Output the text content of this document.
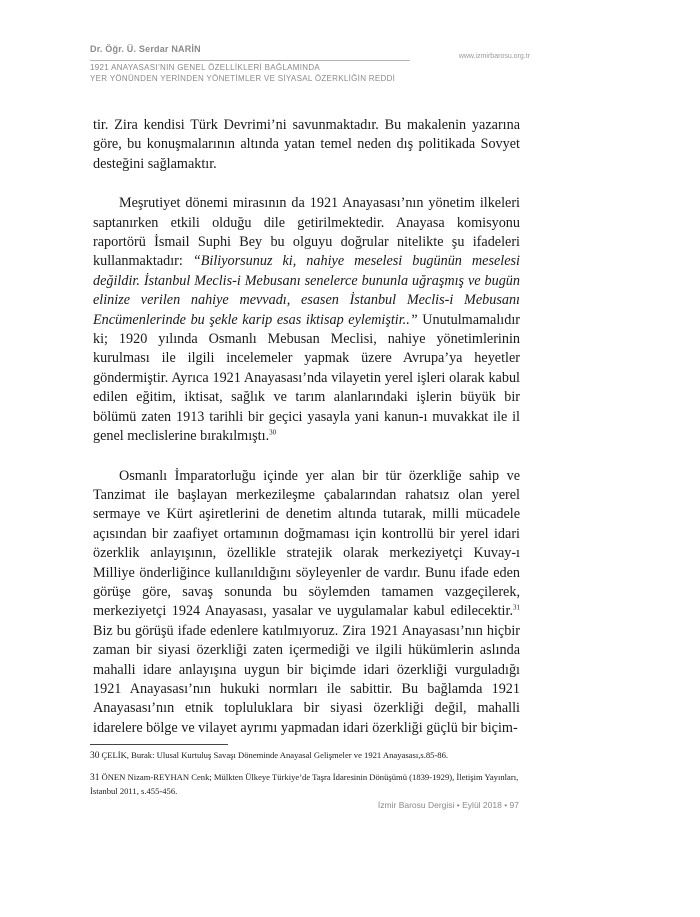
Dr. Öğr. Ü. Serdar NARİN
www.izmirbarosu.org.tr
1921 ANAYASASI’NIN GENEL ÖZELLİKLERİ BAĞLAMINDA
YER YÖNÜNDEN YERİNDEN YÖNETİMLER VE SİYASAL ÖZERKLİĞİN REDDİ

tir. Zira kendisi Türk Devrimi’ni savunmaktadır. Bu makalenin yazarına göre, bu konuşmalarının altında yatan temel neden dış politikada Sovyet desteğini sağlamaktır.

Meşrutiyet dönemi mirasının da 1921 Anayasası’nın yönetim ilkeleri saptanırken etkili olduğu dile getirilmektedir. Anayasa komisyonu raportörü İsmail Suphi Bey bu olguyu doğrular nitelikte şu ifadeleri kullanmaktadır: “Biliyorsunuz ki, nahiye meselesi bugünün meselesi değildir. İstanbul Meclis-i Mebusanı senelerce bununla uğraşmış ve bugün elinize verilen nahiye mevvadı, esasen İstanbul Meclis-i Mebusanı Encümenlerinde bu şekle karip esas iktisap eylemiştir..” Unutulmamalıdır ki; 1920 yılında Osmanlı Mebusan Meclisi, nahiye yönetimlerinin kurulması ile ilgili incelemeler yapmak üzere Avrupa’ya heyetler göndermiştir. Ayrıca 1921 Anayasası’nda vilayetin yerel işleri olarak kabul edilen eğitim, iktisat, sağlık ve tarım alanlarındaki işlerin büyük bir bölümü zaten 1913 tarihli bir geçici yasayla yani kanun-ı muvakkat ile il genel meclislerine bırakılmıştı.$^{30}$

Osmanlı İmparatorluğu içinde yer alan bir tür özerkliğe sahip ve Tanzimat ile başlayan merkezileşme çabalarından rahatsız olan yerel sermaye ve Kürt aşiretlerini de denetim altında tutarak, milli mücadele açısından bir zaafiyet ortamının doğmaması için kontrollü bir yerel idari özerklik anlayışının, özellikle stratejik olarak merkeziyetçi Kuvay-ı Milliye önderliğince kullanıldığını söyleyenler de vardır. Bunu ifade eden görüşe göre, savaş sonunda bu söylemden tamamen vazgeçilerek, merkeziyetçi 1924 Anayasası, yasalar ve uygulamalar kabul edilecektir.$^{31}$ Biz bu görüşü ifade edenlere katılmıyoruz. Zira 1921 Anayasası’nın hiçbir zaman bir siyasi özerkliği zaten içermediği ve ilgili hükümlerin aslında mahalli idare anlayışına uygun bir biçimde idari özerkliği vurguladığı 1921 Anayasası’nın hukuki normları ile sabittir. Bu bağlamda 1921 Anayasası’nın etnik topluluklara bir siyasi özerkliği değil, mahalli idarelere bölge ve vilayet ayrımı yapmadan idari özerkliği güçlü bir biçim-

30 ÇELİK, Burak: Ulusal Kurtuluş Savaşı Döneminde Anayasal Gelişmeler ve 1921 Anayasası,s.85-86.
31 ÖNEN Nizam-REYHAN Cenk; Mülkten Ülkeye Türkiye’de Taşra İdaresinin Dönüşümü (1839-1929), İletişim Yayınları, İstanbul 2011, s.455-456.
İzmir Barosu Dergisi • Eylül 2018 • 97
